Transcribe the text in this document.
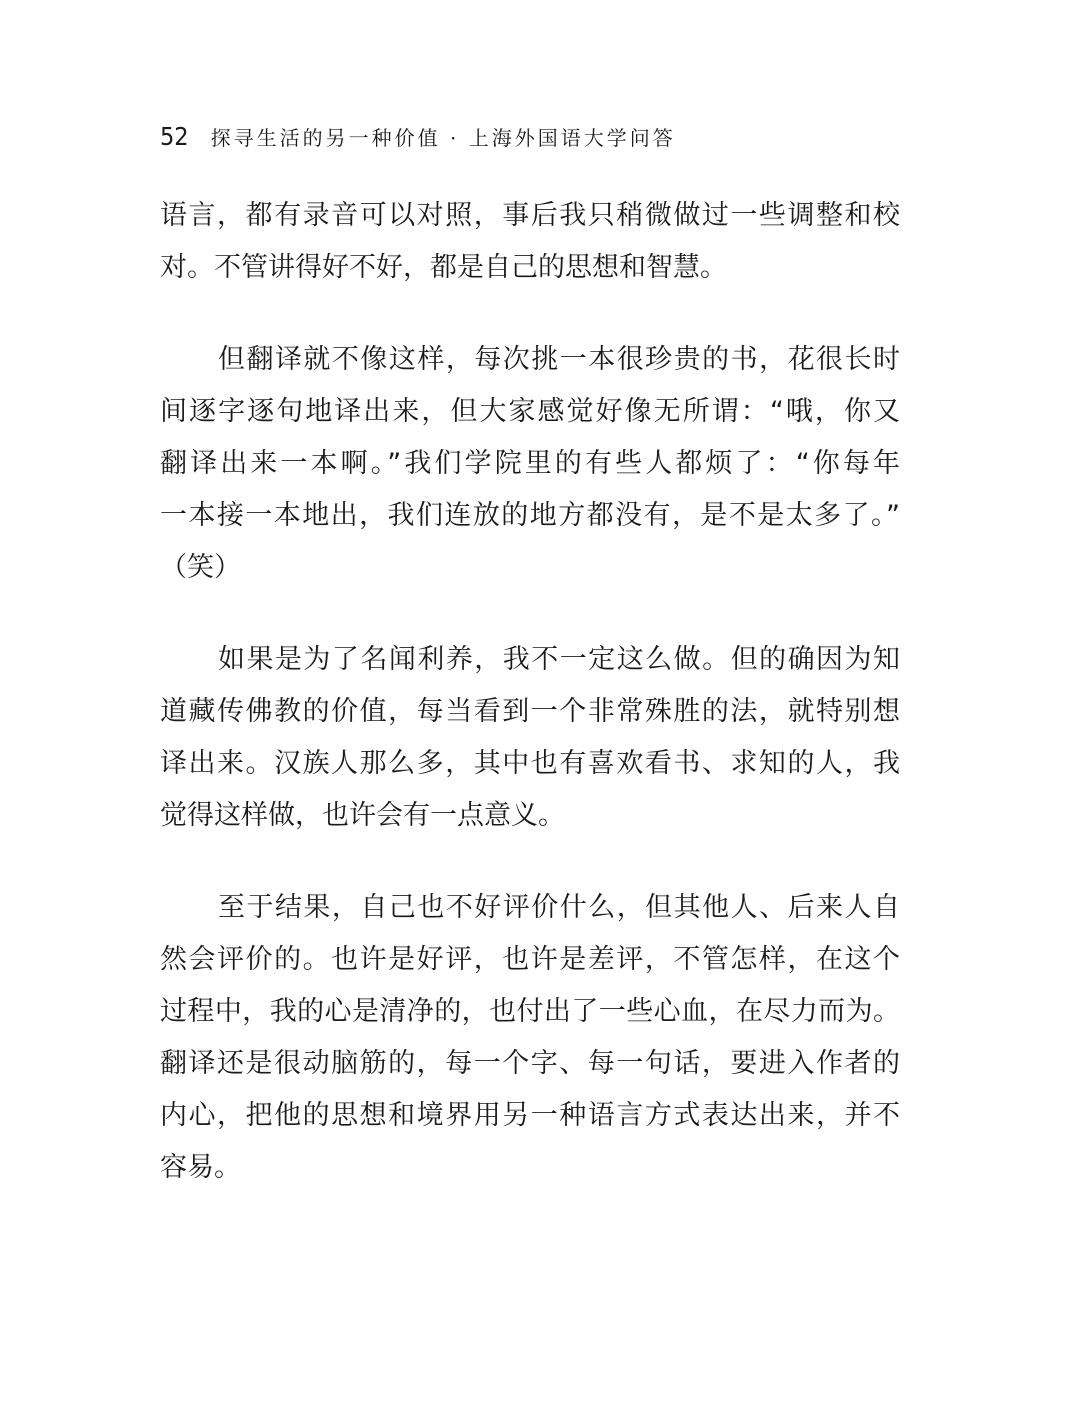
52 探寻生活的另一种价值 · 上海外国语大学问答
语言，都有录音可以对照，事后我只稍微做过一些调整和校
对。不管讲得好不好，都是自己的思想和智慧。
但翻译就不像这样，每次挑一本很珍贵的书，花很长时
间逐字逐句地译出来，但大家感觉好像无所谓：“哦，你又
翻译出来一本啊。”我们学院里的有些人都烦了：“你每年
一本接一本地出，我们连放的地方都没有，是不是太多了。”
（笑）
如果是为了名闻利养，我不一定这么做。但的确因为知
道藏传佛教的价值，每当看到一个非常殊胜的法，就特别想
译出来。汉族人那么多，其中也有喜欢看书、求知的人，我
觉得这样做，也许会有一点意义。
至于结果，自己也不好评价什么，但其他人、后来人自
然会评价的。也许是好评，也许是差评，不管怎样，在这个
过程中，我的心是清净的，也付出了一些心血，在尽力而为。
翻译还是很动脑筋的，每一个字、每一句话，要进入作者的
内心，把他的思想和境界用另一种语言方式表达出来，并不
容易。
